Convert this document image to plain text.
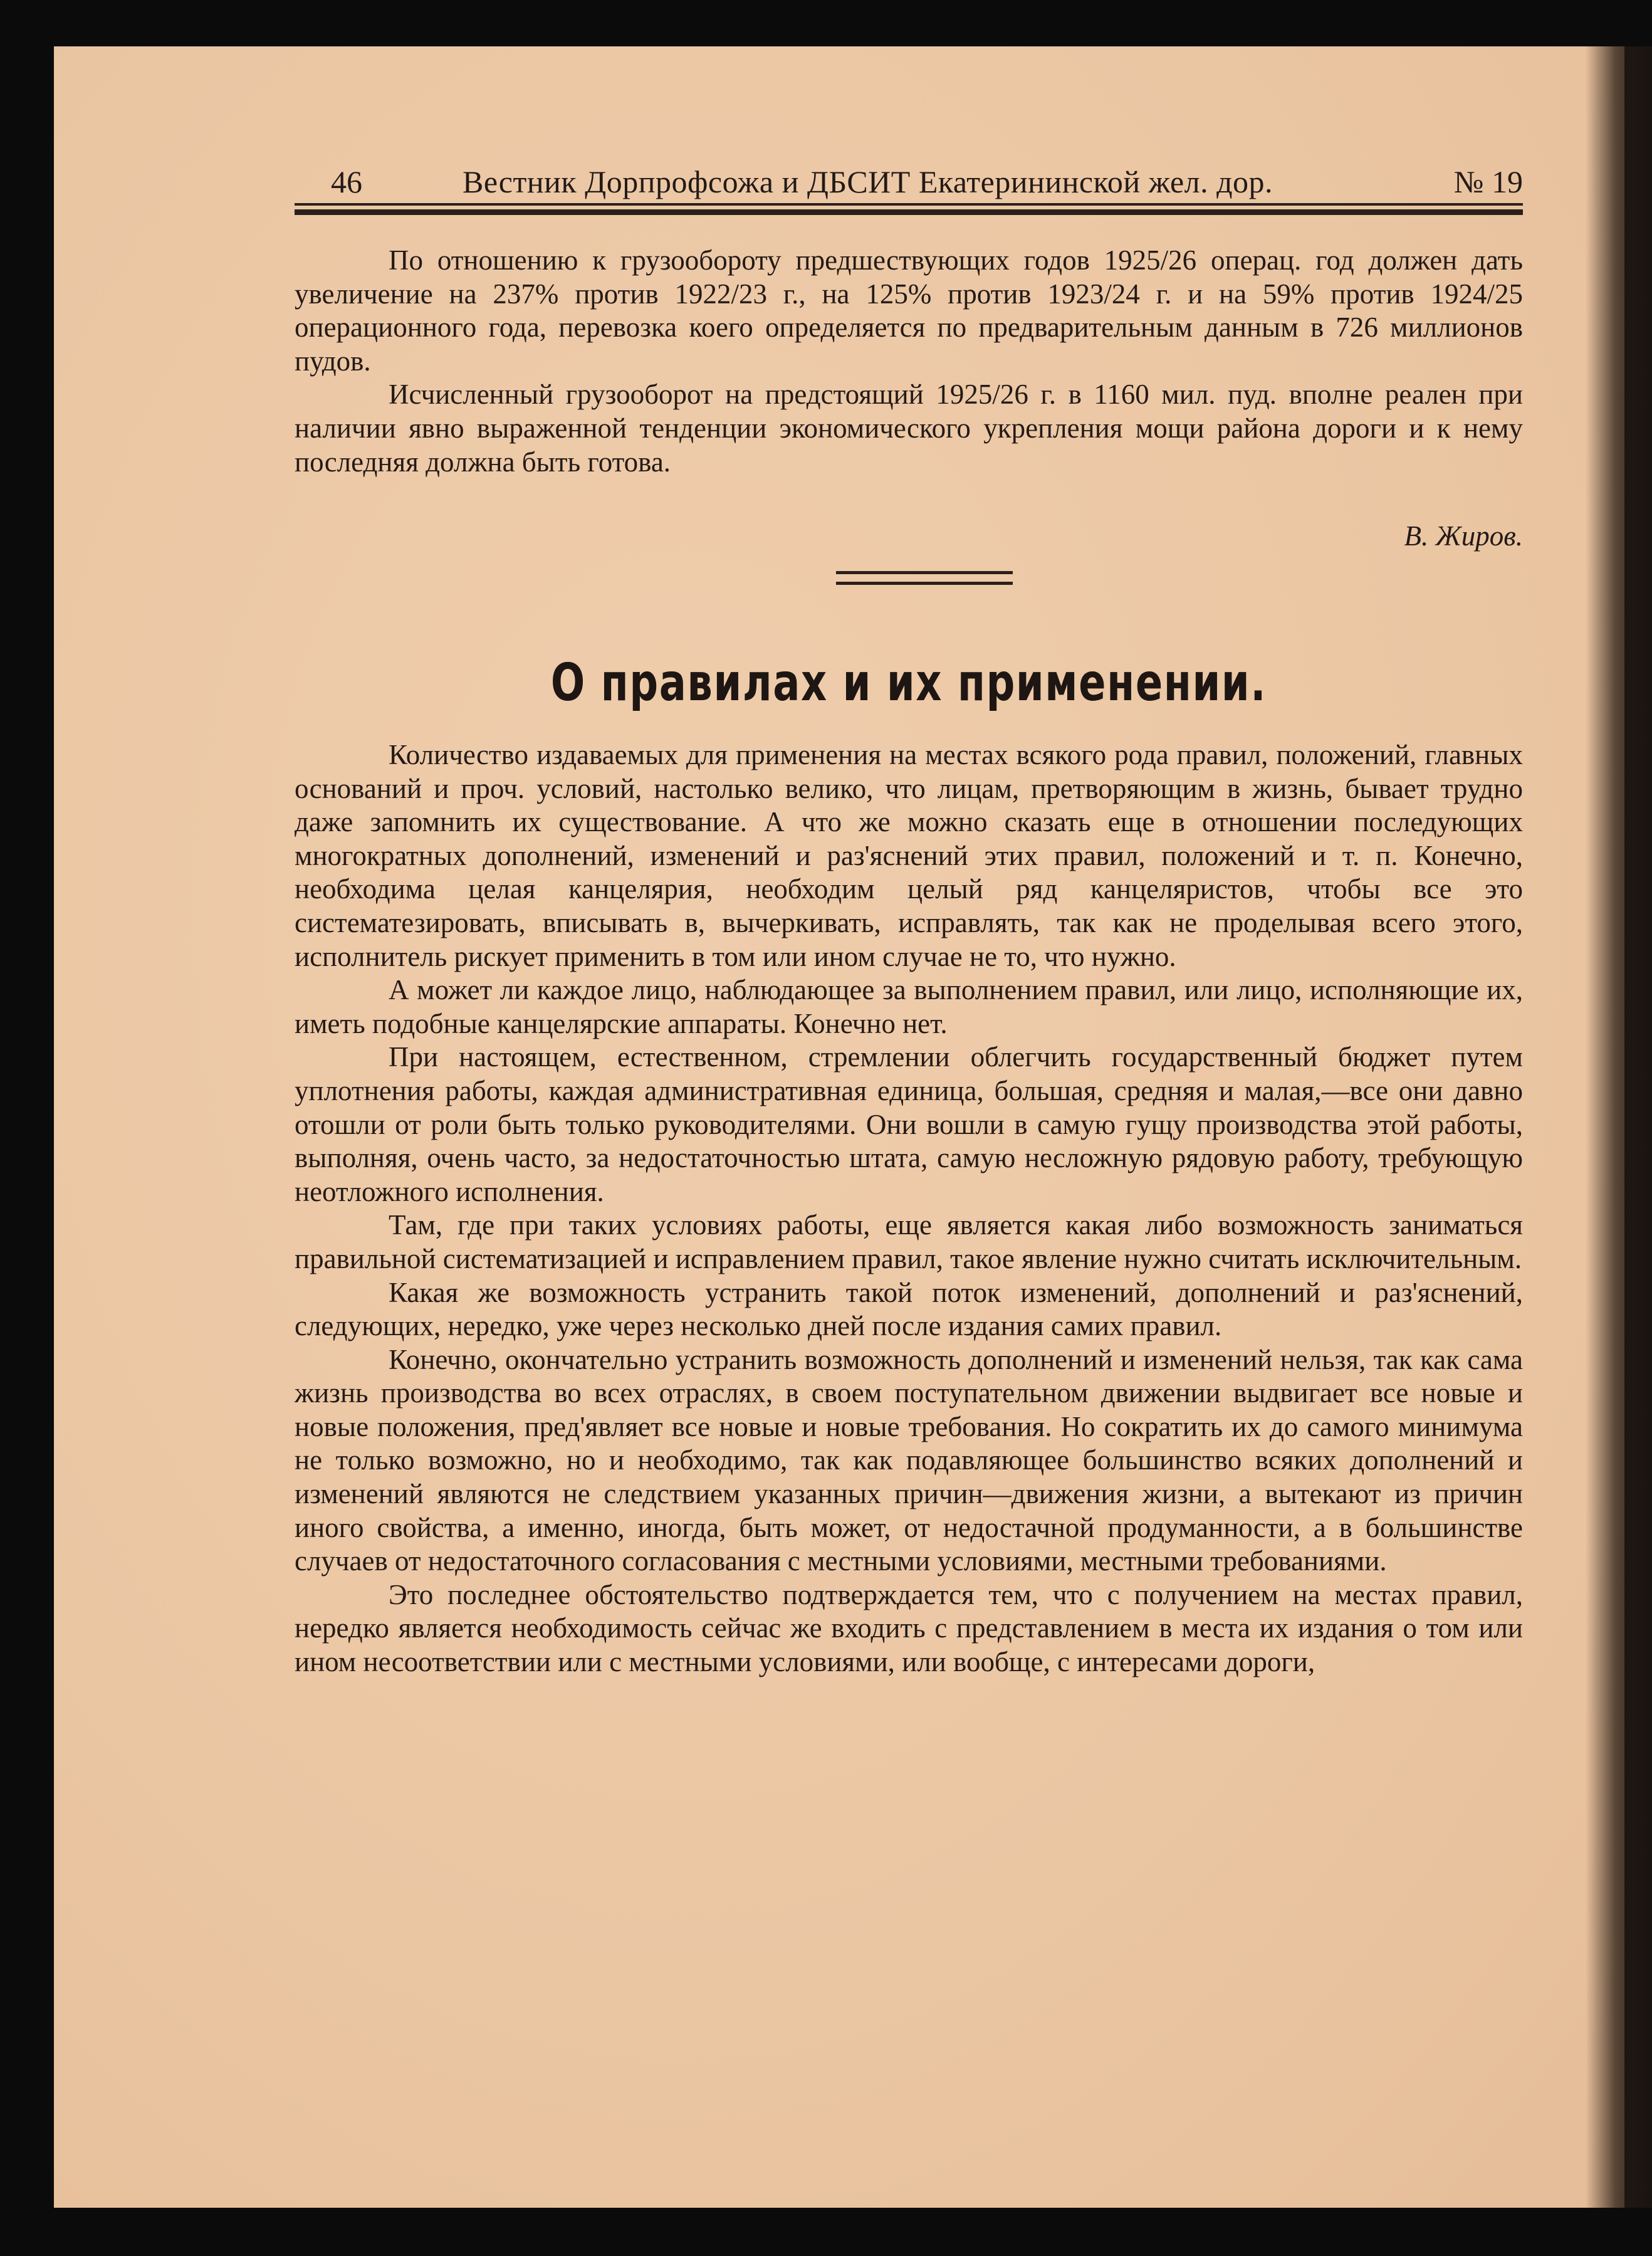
46	Вестник Дорпрофсожа и ДБСИТ Екатерининской жел. дор.	№ 19

По отношению к грузообороту предшествующих годов 1925/26 операц. год должен дать увеличение на 237% против 1922/23 г., на 125% против 1923/24 г. и на 59% против 1924/25 операционного года, перевозка коего определяется по предварительным данным в 726 миллионов пудов.

Исчисленный грузооборот на предстоящий 1925/26 г. в 1160 мил. пуд. вполне реален при наличии явно выраженной тенденции экономического укрепления мощи района дороги и к нему последняя должна быть готова.

В. Жиров.
О правилах и их применении.

Количество издаваемых для применения на местах всякого рода правил, положений, главных оснований и проч. условий, настолько велико, что лицам, претворяющим в жизнь, бывает трудно даже запомнить их существование. А что же можно сказать еще в отношении последующих многократных дополнений, изменений и раз'яснений этих правил, положений и т. п. Конечно, необходима целая канцелярия, необходим целый ряд канцеляристов, чтобы все это систематезировать, вписывать в, вычеркивать, исправлять, так как не проделывая всего этого, исполнитель рискует применить в том или ином случае не то, что нужно.

А может ли каждое лицо, наблюдающее за выполнением правил, или лицо, исполняющие их, иметь подобные канцелярские аппараты. Конечно нет.

При настоящем, естественном, стремлении облегчить государственный бюджет путем уплотнения работы, каждая административная единица, большая, средняя и малая,—все они давно отошли от роли быть только руководителями. Они вошли в самую гущу производства этой работы, выполняя, очень часто, за недостаточностью штата, самую несложную рядовую работу, требующую неотложного исполнения.

Там, где при таких условиях работы, еще является какая либо возможность заниматься правильной систематизацией и исправлением правил, такое явление нужно считать исключительным.

Какая же возможность устранить такой поток изменений, дополнений и раз'яснений, следующих, нередко, уже через несколько дней после издания самих правил.

Конечно, окончательно устранить возможность дополнений и изменений нельзя, так как сама жизнь производства во всех отраслях, в своем поступательном движении выдвигает все новые и новые положения, пред'являет все новые и новые требования. Но сократить их до самого минимума не только возможно, но и необходимо, так как подавляющее большинство всяких дополнений и изменений являются не следствием указанных причин—движения жизни, а вытекают из причин иного свойства, а именно, иногда, быть может, от недостачной продуманности, а в большинстве случаев от недостаточного согласования с местными условиями, местными требованиями.

Это последнее обстоятельство подтверждается тем, что с получением на местах правил, нередко является необходимость сейчас же входить с представлением в места их издания о том или ином несоответствии или с местными условиями, или вообще, с интересами дороги,
